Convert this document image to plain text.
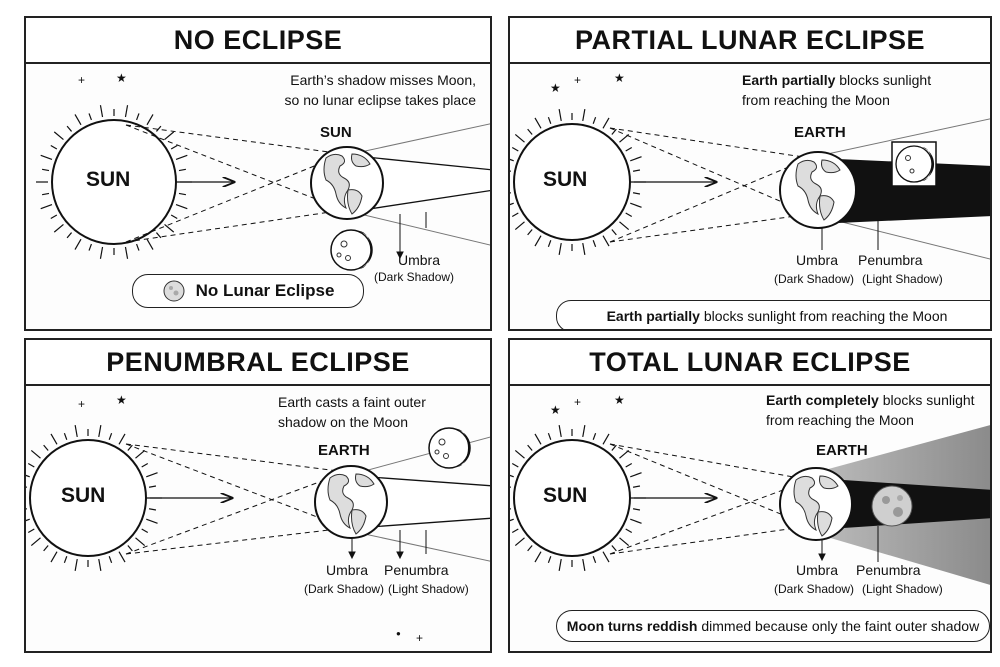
+	★
NO ECLIPSE
Earth’s shadow misses Moon,
so no lunar eclipse takes place
SUN
SUN
Umbra
(Dark Shadow)
No Lunar Eclipse
★
+	★
PARTIAL LUNAR ECLIPSE
Earth partially blocks sunlight
from reaching the Moon
SUN
EARTH
Umbra
(Dark Shadow)
Penumbra
(Light Shadow)
Earth partially blocks sunlight from reaching the Moon
+	★
● +
PENUMBRAL ECLIPSE
Earth casts a faint outer
shadow on the Moon
SUN
EARTH
Umbra
(Dark Shadow)
Penumbra
(Light Shadow)
★
+	★
TOTAL LUNAR ECLIPSE
Earth completely blocks sunlight
from reaching the Moon
SUN
EARTH
Umbra
(Dark Shadow)
Penumbra
(Light Shadow)
Moon turns reddish dimmed because only the faint outer shadow
